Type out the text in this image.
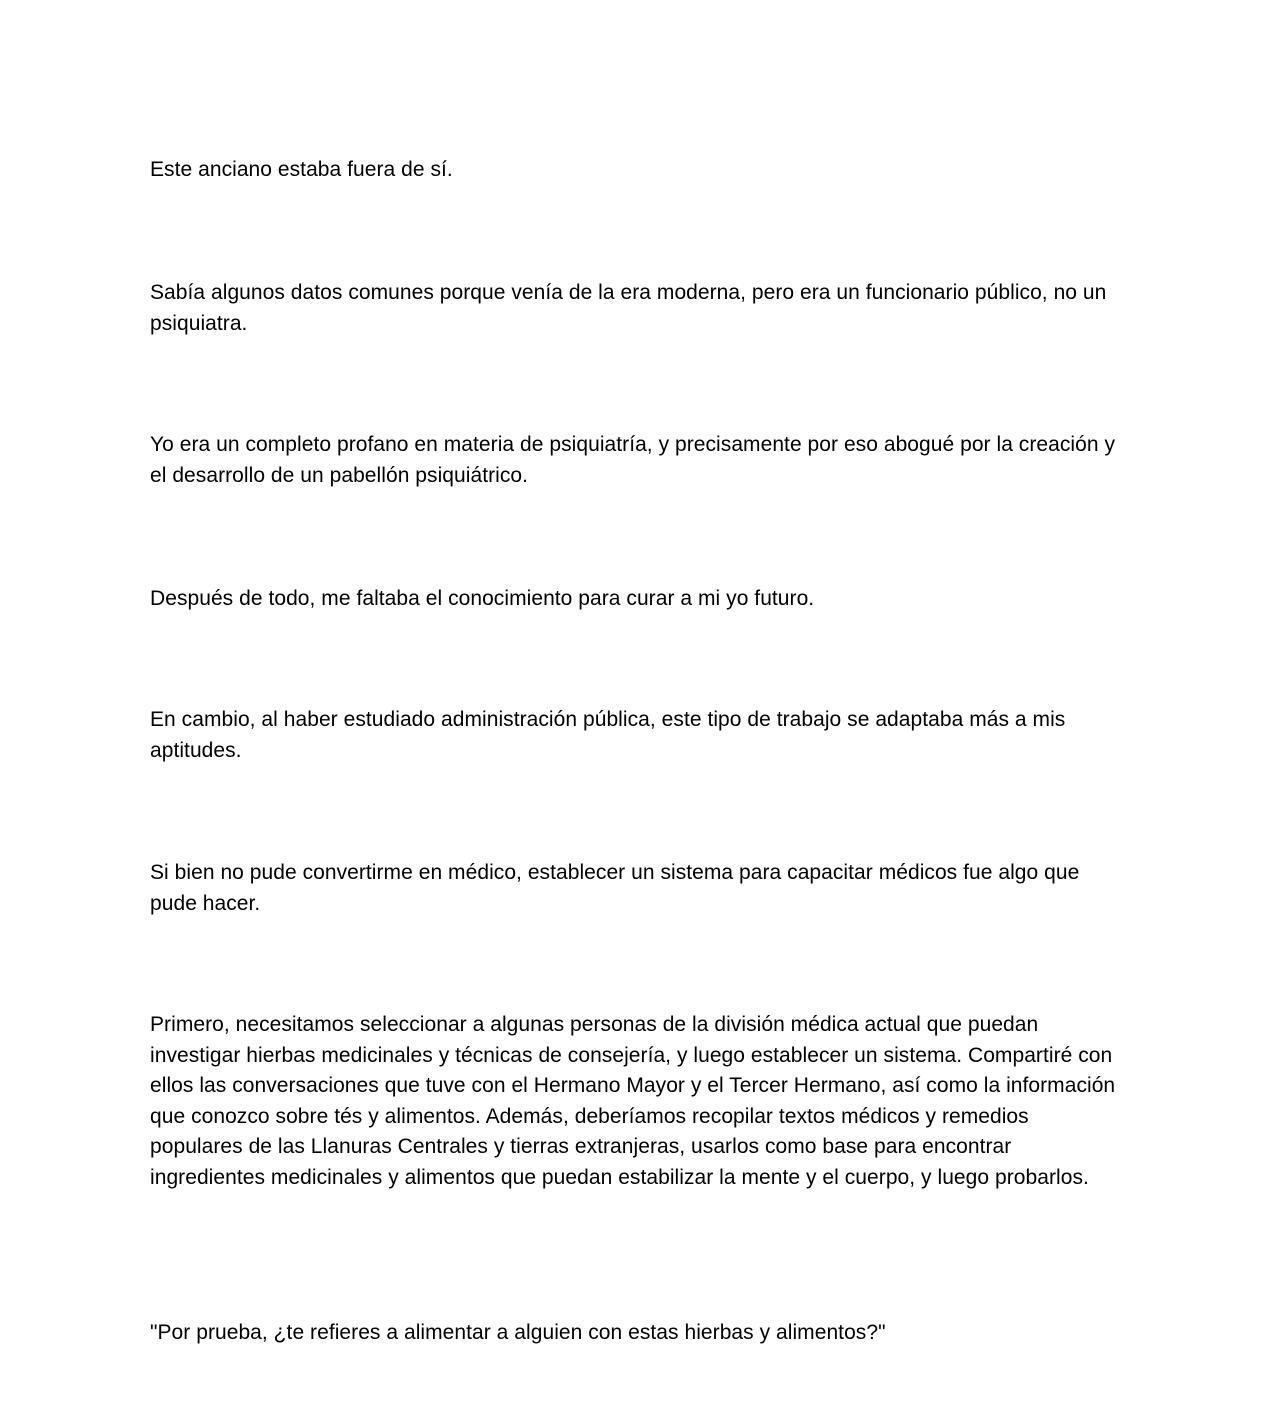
Este anciano estaba fuera de sí.

Sabía algunos datos comunes porque venía de la era moderna, pero era un funcionario público, no un psiquiatra.

Yo era un completo profano en materia de psiquiatría, y precisamente por eso abogué por la creación y el desarrollo de un pabellón psiquiátrico.

Después de todo, me faltaba el conocimiento para curar a mi yo futuro.

En cambio, al haber estudiado administración pública, este tipo de trabajo se adaptaba más a mis aptitudes.

Si bien no pude convertirme en médico, establecer un sistema para capacitar médicos fue algo que pude hacer.

Primero, necesitamos seleccionar a algunas personas de la división médica actual que puedan investigar hierbas medicinales y técnicas de consejería, y luego establecer un sistema. Compartiré con ellos las conversaciones que tuve con el Hermano Mayor y el Tercer Hermano, así como la información que conozco sobre tés y alimentos. Además, deberíamos recopilar textos médicos y remedios populares de las Llanuras Centrales y tierras extranjeras, usarlos como base para encontrar ingredientes medicinales y alimentos que puedan estabilizar la mente y el cuerpo, y luego probarlos.

"Por prueba, ¿te refieres a alimentar a alguien con estas hierbas y alimentos?"
